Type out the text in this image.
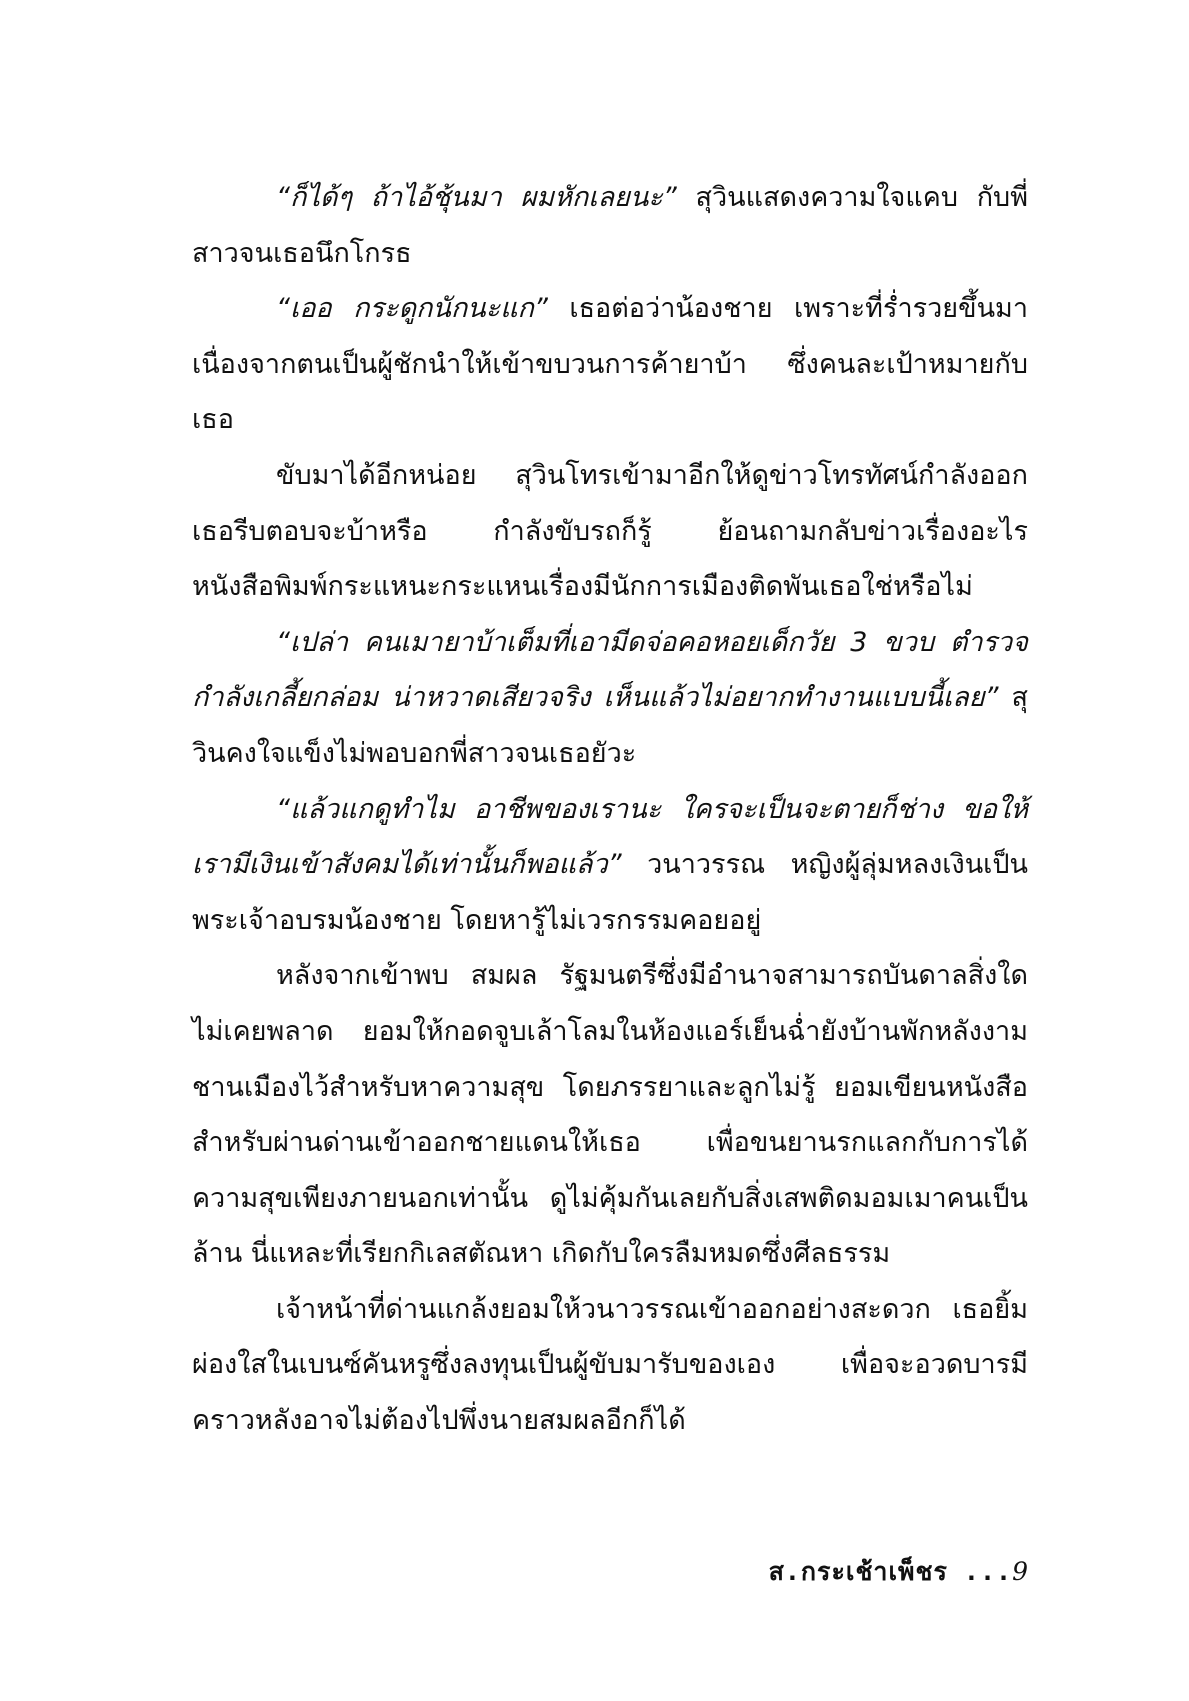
“ก็ได้ๆ ถ้าไอ้ชุ้นมา ผมหักเลยนะ” สุวินแสดงความใจแคบ กับพี่สาวจนเธอนึกโกรธ

“เออ กระดูกนักนะแก” เธอต่อว่าน้องชาย เพราะที่ร่ำรวยขึ้นมาเนื่องจากตนเป็นผู้ชักนำให้เข้าขบวนการค้ายาบ้า ซึ่งคนละเป้าหมายกับเธอ

ขับมาได้อีกหน่อย สุวินโทรเข้ามาอีกให้ดูข่าวโทรทัศน์กำลังออก เธอรีบตอบจะบ้าหรือ กำลังขับรถก็รู้ ย้อนถามกลับข่าวเรื่องอะไร หนังสือพิมพ์กระแหนะกระแหนเรื่องมีนักการเมืองติดพันเธอใช่หรือไม่

“เปล่า คนเมายาบ้าเต็มที่เอามีดจ่อคอหอยเด็กวัย 3 ขวบ ตำรวจกำลังเกลี้ยกล่อม น่าหวาดเสียวจริง เห็นแล้วไม่อยากทำงานแบบนี้เลย” สุวินคงใจแข็งไม่พอบอกพี่สาวจนเธอยัวะ

“แล้วแกดูทำไม อาชีพของเรานะ ใครจะเป็นจะตายก็ช่าง ขอให้เรามีเงินเข้าสังคมได้เท่านั้นก็พอแล้ว” วนาวรรณ หญิงผู้ลุ่มหลงเงินเป็นพระเจ้าอบรมน้องชาย โดยหารู้ไม่เวรกรรมคอยอยู่

หลังจากเข้าพบ สมผล รัฐมนตรีซึ่งมีอำนาจสามารถบันดาลสิ่งใดไม่เคยพลาด ยอมให้กอดจูบเล้าโลมในห้องแอร์เย็นฉ่ำยังบ้านพักหลังงามชานเมืองไว้สำหรับหาความสุข โดยภรรยาและลูกไม่รู้ ยอมเขียนหนังสือสำหรับผ่านด่านเข้าออกชายแดนให้เธอ เพื่อขนยานรกแลกกับการได้ความสุขเพียงภายนอกเท่านั้น ดูไม่คุ้มกันเลยกับสิ่งเสพติดมอมเมาคนเป็นล้าน นี่แหละที่เรียกกิเลสตัณหา เกิดกับใครลืมหมดซึ่งศีลธรรม

เจ้าหน้าที่ด่านแกล้งยอมให้วนาวรรณเข้าออกอย่างสะดวก เธอยิ้มผ่องใสในเบนซ์คันหรูซึ่งลงทุนเป็นผู้ขับมารับของเอง เพื่อจะอวดบารมีคราวหลังอาจไม่ต้องไปพึ่งนายสมผลอีกก็ได้

ส.กระเช้าเพ็ชร ...9
